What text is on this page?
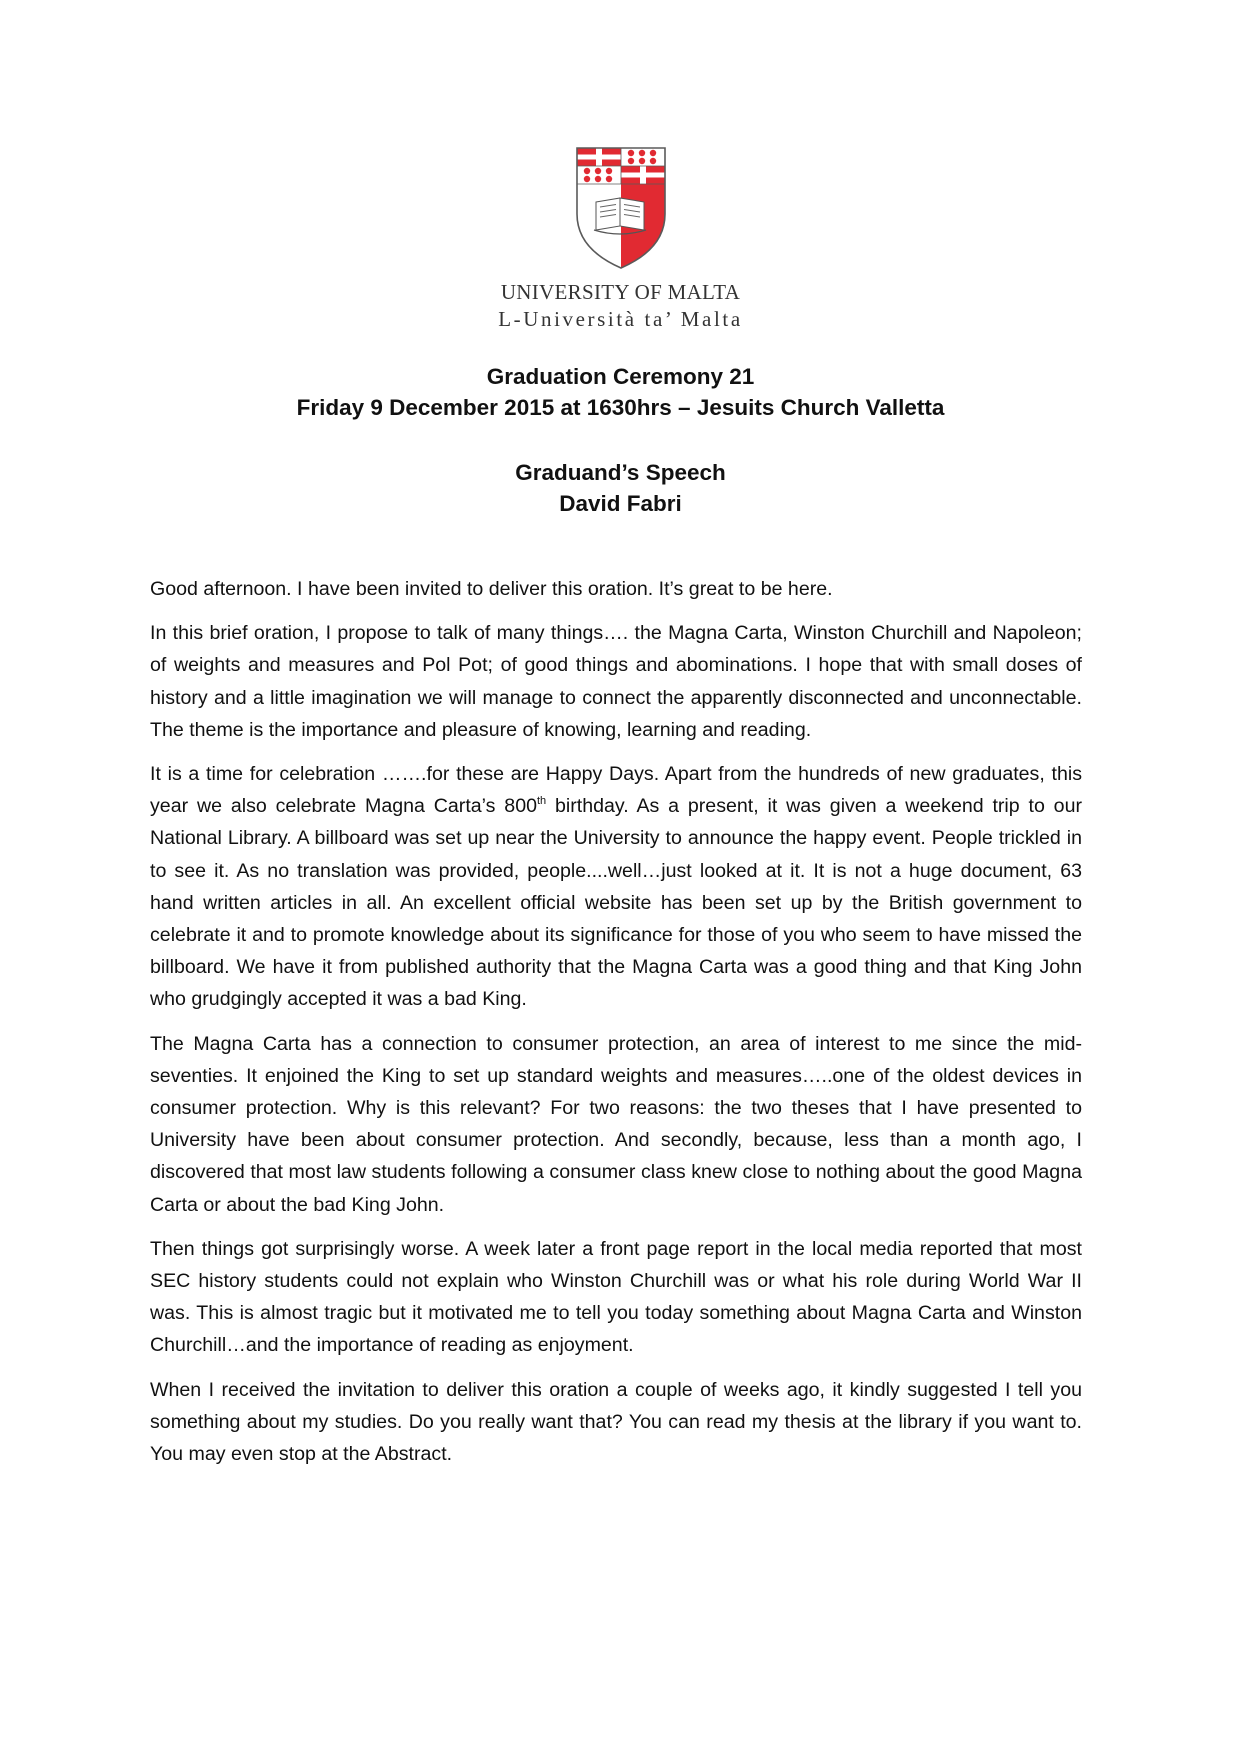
UNIVERSITY OF MALTA
L-Università ta’ Malta
Graduation Ceremony 21
Friday 9 December 2015 at 1630hrs – Jesuits Church Valletta
Graduand’s Speech
David Fabri

Good afternoon. I have been invited to deliver this oration. It’s great to be here.

In this brief oration, I propose to talk of many things…. the Magna Carta, Winston Churchill and Napoleon; of weights and measures and Pol Pot; of good things and abominations. I hope that with small doses of history and a little imagination we will manage to connect the apparently disconnected and unconnectable. The theme is the importance and pleasure of knowing, learning and reading.

It is a time for celebration …….for these are Happy Days. Apart from the hundreds of new graduates, this year we also celebrate Magna Carta’s 800th birthday. As a present, it was given a weekend trip to our National Library. A billboard was set up near the University to announce the happy event. People trickled in to see it. As no translation was provided, people....well…just looked at it. It is not a huge document, 63 hand written articles in all. An excellent official website has been set up by the British government to celebrate it and to promote knowledge about its significance for those of you who seem to have missed the billboard. We have it from published authority that the Magna Carta was a good thing and that King John who grudgingly accepted it was a bad King.

The Magna Carta has a connection to consumer protection, an area of interest to me since the mid-seventies. It enjoined the King to set up standard weights and measures…..one of the oldest devices in consumer protection. Why is this relevant? For two reasons: the two theses that I have presented to University have been about consumer protection. And secondly, because, less than a month ago, I discovered that most law students following a consumer class knew close to nothing about the good Magna Carta or about the bad King John.

Then things got surprisingly worse. A week later a front page report in the local media reported that most SEC history students could not explain who Winston Churchill was or what his role during World War II was. This is almost tragic but it motivated me to tell you today something about Magna Carta and Winston Churchill…and the importance of reading as enjoyment.

When I received the invitation to deliver this oration a couple of weeks ago, it kindly suggested I tell you something about my studies. Do you really want that? You can read my thesis at the library if you want to. You may even stop at the Abstract.
